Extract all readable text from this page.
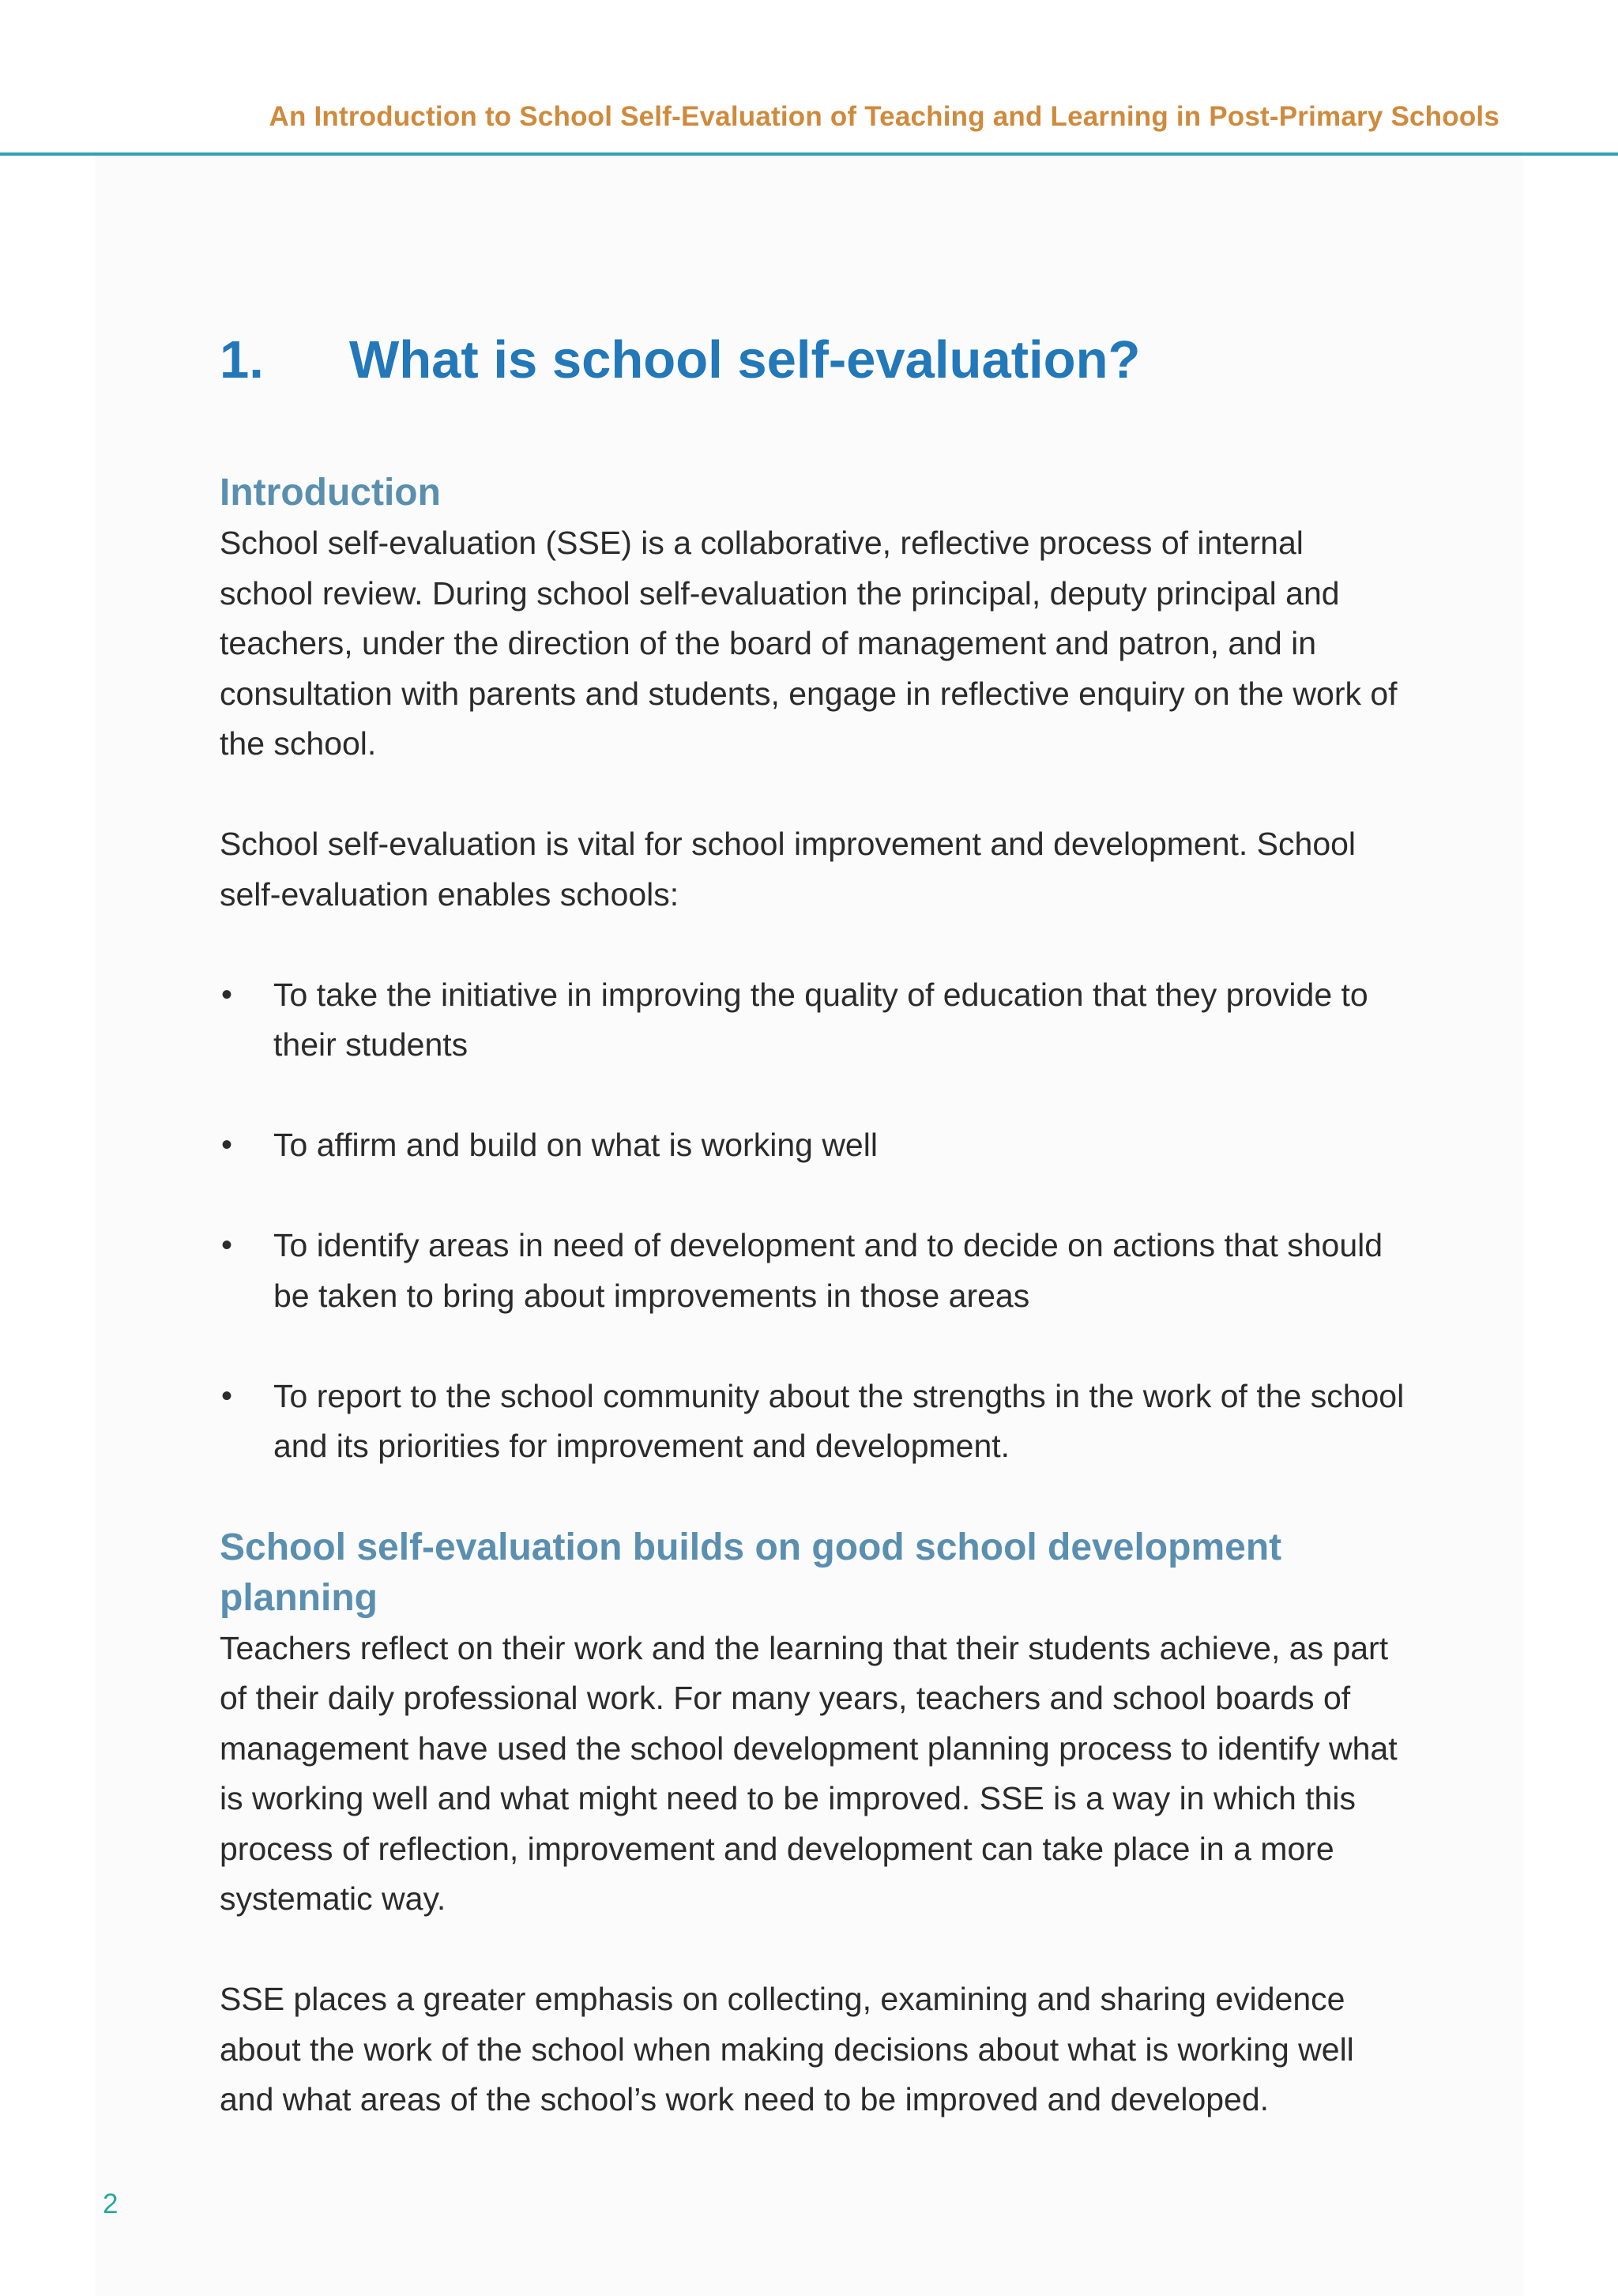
An Introduction to School Self-Evaluation of Teaching and Learning in Post-Primary Schools
1.	What is school self-evaluation?
Introduction

School self-evaluation (SSE) is a collaborative, reflective process of internal school review. During school self-evaluation the principal, deputy principal and teachers, under the direction of the board of management and patron, and in consultation with parents and students, engage in reflective enquiry on the work of the school.

School self-evaluation is vital for school improvement and development. School self-evaluation enables schools:

• To take the initiative in improving the quality of education that they provide to their students
• To affirm and build on what is working well
• To identify areas in need of development and to decide on actions that should be taken to bring about improvements in those areas
• To report to the school community about the strengths in the work of the school and its priorities for improvement and development.
School self-evaluation builds on good school development planning

Teachers reflect on their work and the learning that their students achieve, as part of their daily professional work. For many years, teachers and school boards of management have used the school development planning process to identify what is working well and what might need to be improved. SSE is a way in which this process of reflection, improvement and development can take place in a more systematic way.

SSE places a greater emphasis on collecting, examining and sharing evidence about the work of the school when making decisions about what is working well and what areas of the school’s work need to be improved and developed.

2
